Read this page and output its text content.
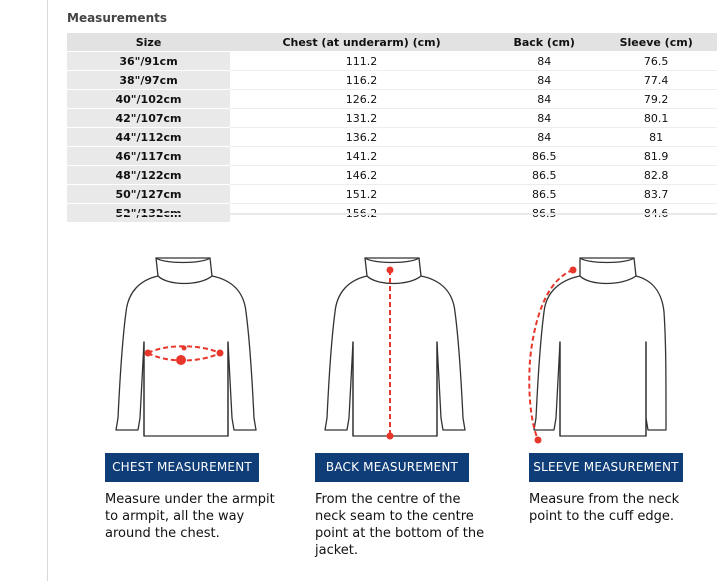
Measurements
Size	Chest (at underarm) (cm)	Back (cm)	Sleeve (cm)
36"/91cm	111.2	84	76.5
38"/97cm	116.2	84	77.4
40"/102cm	126.2	84	79.2
42"/107cm	131.2	84	80.1
44"/112cm	136.2	84	81
46"/117cm	141.2	86.5	81.9
48"/122cm	146.2	86.5	82.8
50"/127cm	151.2	86.5	83.7

CHEST MEASUREMENT
Measure under the armpit to armpit, all the way around the chest.
BACK MEASUREMENT
From the centre of the neck seam to the centre point at the bottom of the jacket.
SLEEVE MEASUREMENT
Measure from the neck point to the cuff edge.
